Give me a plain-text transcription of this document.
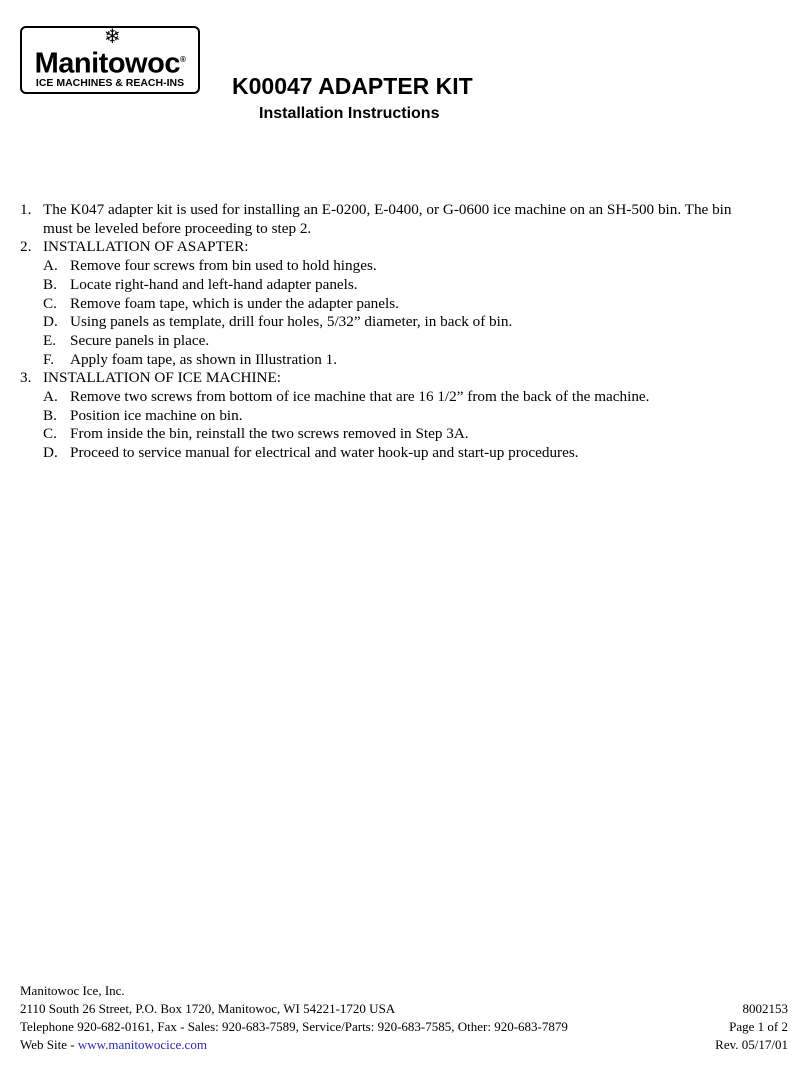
❄
Manitowoc®
ICE MACHINES & REACH-INS	K00047 ADAPTER KIT
Installation Instructions
1. The K047 adapter kit is used for installing an E-0200, E-0400, or G-0600 ice machine on an SH-500 bin. The bin
must be leveled before proceeding to step 2.
2. INSTALLATION OF ASAPTER:
A. Remove four screws from bin used to hold hinges.
B. Locate right-hand and left-hand adapter panels.
C. Remove foam tape, which is under the adapter panels.
D. Using panels as template, drill four holes, 5/32” diameter, in back of bin.
E. Secure panels in place.
F. Apply foam tape, as shown in Illustration 1.
3. INSTALLATION OF ICE MACHINE:
A. Remove two screws from bottom of ice machine that are 16 1/2” from the back of the machine.
B. Position ice machine on bin.
C. From inside the bin, reinstall the two screws removed in Step 3A.
D. Proceed to service manual for electrical and water hook-up and start-up procedures.
Manitowoc Ice, Inc.
2110 South 26 Street, P.O. Box 1720, Manitowoc, WI 54221-1720 USA	8002153
Telephone 920-682-0161, Fax - Sales: 920-683-7589, Service/Parts: 920-683-7585, Other: 920-683-7879	Page 1 of 2
Web Site - www.manitowocice.com	Rev. 05/17/01
